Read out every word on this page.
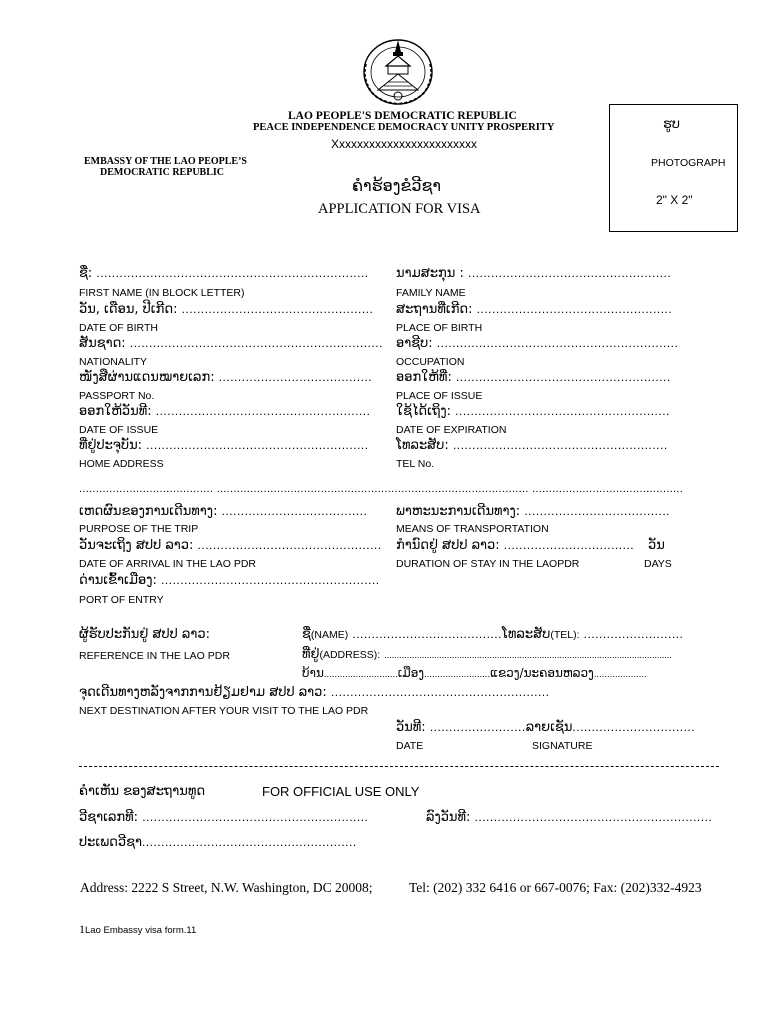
LAO PEOPLE'S DEMOCRATIC REPUBLIC
PEACE INDEPENDENCE DEMOCRACY UNITY PROSPERITY
Xxxxxxxxxxxxxxxxxxxxxxxx
EMBASSY OF THE LAO PEOPLE’S
DEMOCRATIC REPUBLIC
ຄຳຮ້ອງຂໍວີຊາ
APPLICATION FOR VISA
ຮູບ
PHOTOGRAPH
2" X 2"
ຊື່: .......................................................................
FIRST NAME (IN BLOCK LETTER)
ນາມສະກຸນ : .....................................................
FAMILY NAME
ວັນ, ເດືອນ, ປີເກີດ: ..................................................
DATE OF BIRTH
ສະຖານທີ່ເກີດ: ...................................................
PLACE OF BIRTH
ສັນຊາດ: ..................................................................
NATIONALITY
ອາຊີບ: ...............................................................
OCCUPATION
ໜັງສືຜ່ານແດນໝາຍເລກ: ........................................
PASSPORT No.
ອອກໃຫ້ທີ່: ........................................................
PLACE OF ISSUE
ອອກໃຫ້ວັນທີ: ........................................................
DATE OF ISSUE
ໃຊ້ໄດ້ເຖິງ: ........................................................
DATE OF EXPIRATION
ທີ່ຢູ່ປະຈຸບັນ: ..........................................................
HOME ADDRESS
ໂທລະສັບ: ........................................................
TEL No.
........................................ ............................................................................................. .............................................
ເຫດຜົນຂອງການເດີນທາງ: ......................................
PURPOSE OF THE TRIP
ພາຫະນະການເດີນທາງ: ......................................
MEANS OF TRANSPORTATION
ວັນຈະເຖິງ ສປປ ລາວ: ................................................
DATE OF ARRIVAL IN THE LAO PDR
ກຳນົດຢູ່ ສປປ ລາວ: .................................. ວັນ
DURATION OF STAY IN THE LAOPDR	DAYS
ດ່ານເຂົ້າເມືອງ: .........................................................
PORT OF ENTRY
ຜູ້ຮັບປະກັນຢູ່ ສປປ ລາວ:
REFERENCE IN THE LAO PDR
ຊື່(NAME) .......................................ໂທລະສັບ(TEL): ..........................
ທີ່ຢູ່(ADDRESS): ...................................................................................................................
ບ້ານ............................ເມືອງ.........................ແຂວງ/ນະຄອນຫລວງ....................
ຈຸດເດີນທາງຫລັງຈາກການຢ້ຽມຢາມ ສປປ ລາວ: .........................................................
NEXT DESTINATION AFTER YOUR VISIT TO THE LAO PDR
ວັນທີ: .........................ລາຍເຊັນ................................
DATE	SIGNATURE
ຄຳເຫັນ ຂອງສະຖານທູດ	FOR OFFICIAL USE ONLY
ວີຊາເລກທີ: ...........................................................	ລົງວັນທີ: ..............................................................
ປະເພດວີຊາ........................................................
Address: 2222 S Street, N.W. Washington, DC 20008;	Tel: (202) 332 6416 or 667-0076; Fax: (202)332-4923
1Lao Embassy visa form.11
